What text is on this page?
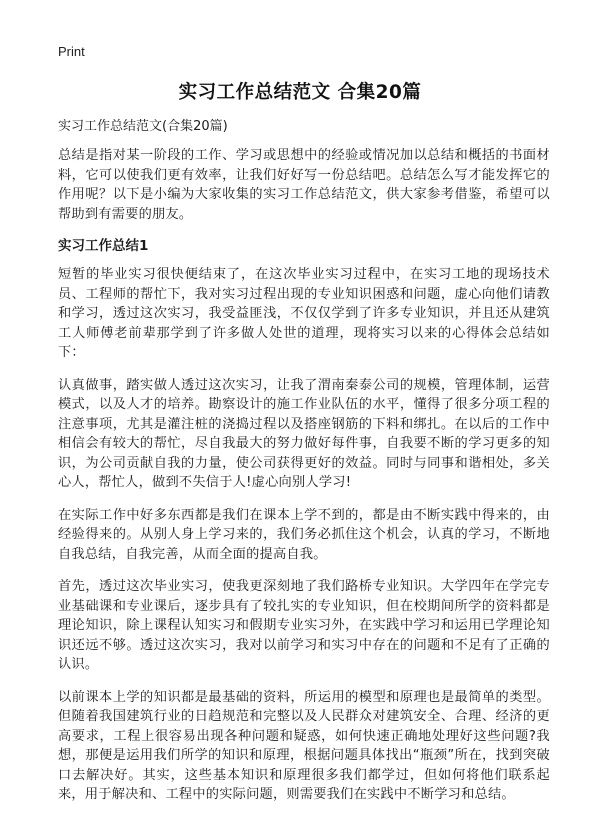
Print
实习工作总结范文 合集20篇

实习工作总结范文(合集20篇)

总结是指对某一阶段的工作、学习或思想中的经验或情况加以总结和概括的书面材料，它可以使我们更有效率，让我们好好写一份总结吧。总结怎么写才能发挥它的作用呢？以下是小编为大家收集的实习工作总结范文，供大家参考借鉴，希望可以帮助到有需要的朋友。

实习工作总结1

短暂的毕业实习很快便结束了，在这次毕业实习过程中，在实习工地的现场技术员、工程师的帮忙下，我对实习过程出现的专业知识困惑和问题，虚心向他们请教和学习，透过这次实习，我受益匪浅，不仅仅学到了许多专业知识，并且还从建筑工人师傅老前辈那学到了许多做人处世的道理，现将实习以来的心得体会总结如下：

认真做事，踏实做人透过这次实习，让我了渭南秦泰公司的规模，管理体制，运营模式，以及人才的培养。勘察设计的施工作业队伍的水平，懂得了很多分项工程的注意事项，尤其是灌注桩的浇捣过程以及搭座钢筋的下料和绑扎。在以后的工作中相信会有较大的帮忙，尽自我最大的努力做好每件事，自我要不断的学习更多的知识，为公司贡献自我的力量，使公司获得更好的效益。同时与同事和谐相处，多关心人，帮忙人，做到不失信于人!虚心向别人学习!

在实际工作中好多东西都是我们在课本上学不到的，都是由不断实践中得来的，由经验得来的。从别人身上学习来的，我们务必抓住这个机会，认真的学习，不断地自我总结，自我完善，从而全面的提高自我。

首先，透过这次毕业实习，使我更深刻地了我们路桥专业知识。大学四年在学完专业基础课和专业课后，逐步具有了较扎实的专业知识，但在校期间所学的资料都是理论知识，除上课程认知实习和假期专业实习外，在实践中学习和运用已学理论知识还远不够。透过这次实习，我对以前学习和实习中存在的问题和不足有了正确的认识。

以前课本上学的知识都是最基础的资料，所运用的模型和原理也是最简单的类型。但随着我国建筑行业的日趋规范和完整以及人民群众对建筑安全、合理、经济的更高要求，工程上很容易出现各种问题和疑惑，如何快速正确地处理好这些问题?我想，那便是运用我们所学的知识和原理，根据问题具体找出“瓶颈”所在，找到突破口去解决好。其实，这些基本知识和原理很多我们都学过，但如何将他们联系起来，用于解决和、工程中的实际问题，则需要我们在实践中不断学习和总结。
